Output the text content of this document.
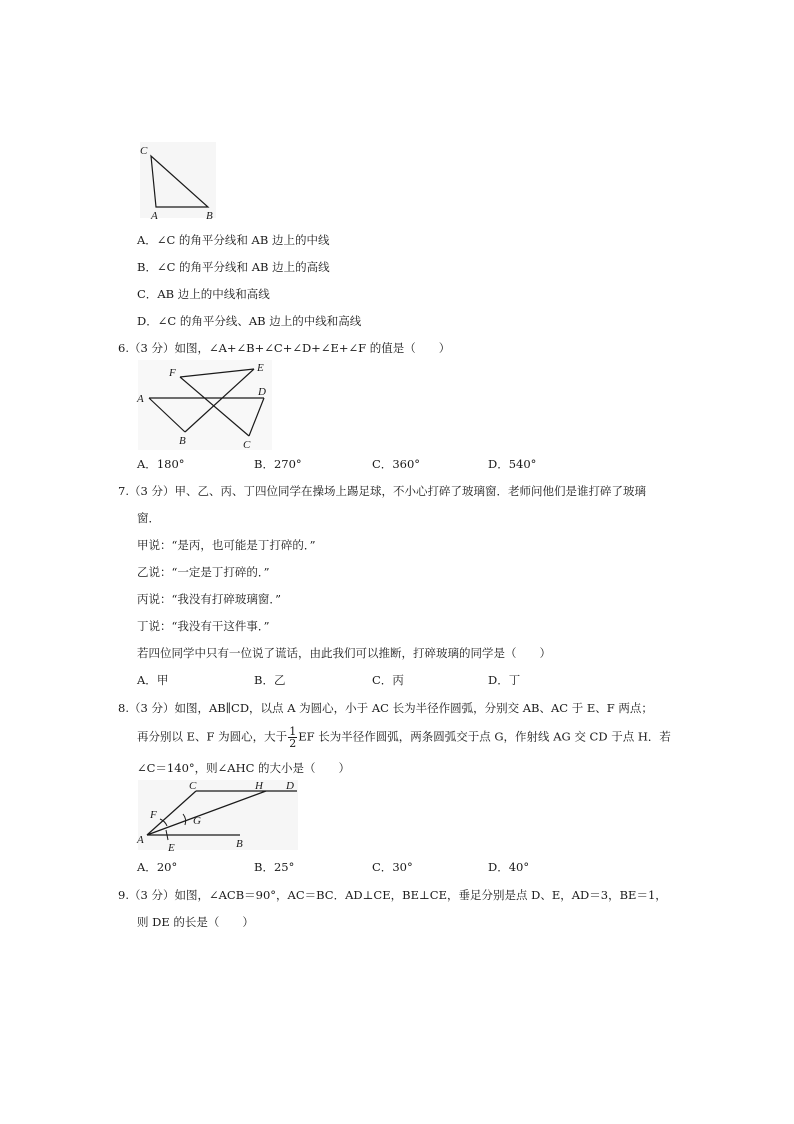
C
A	B
A．∠C 的角平分线和 AB 边上的中线
B．∠C 的角平分线和 AB 边上的高线
C．AB 边上的中线和高线
D．∠C 的角平分线、AB 边上的中线和高线
6.（3 分）如图，∠A+∠B+∠C+∠D+∠E+∠F 的值是（　　）
F	E
D
A
B	C
A．180°	B．270°	C．360°	D．540°
7.（3 分）甲、乙、丙、丁四位同学在操场上踢足球，不小心打碎了玻璃窗．老师问他们是谁打碎了玻璃
窗．
甲说：“是丙，也可能是丁打碎的．”
乙说：“一定是丁打碎的．”
丙说：“我没有打碎玻璃窗．”
丁说：“我没有干这件事．”
若四位同学中只有一位说了谎话，由此我们可以推断，打碎玻璃的同学是（　　）
A．甲	B．乙	C．丙	D．丁
8.（3 分）如图，AB∥CD，以点 A 为圆心，小于 AC 长为半径作圆弧，分别交 AB、AC 于 E、F 两点；
再分别以 E、F 为圆心，大于 $\frac{1}{2}$ EF 长为半径作圆弧，两条圆弧交于点 G，作射线 AG 交 CD 于点 H．若
∠C＝140°，则∠AHC 的大小是（　　）
C	H D
F	G
A
E	B
A．20°	B．25°	C．30°	D．40°
9.（3 分）如图，∠ACB＝90°，AC＝BC．AD⊥CE，BE⊥CE，垂足分别是点 D、E，AD＝3，BE＝1，
则 DE 的长是（　　）
